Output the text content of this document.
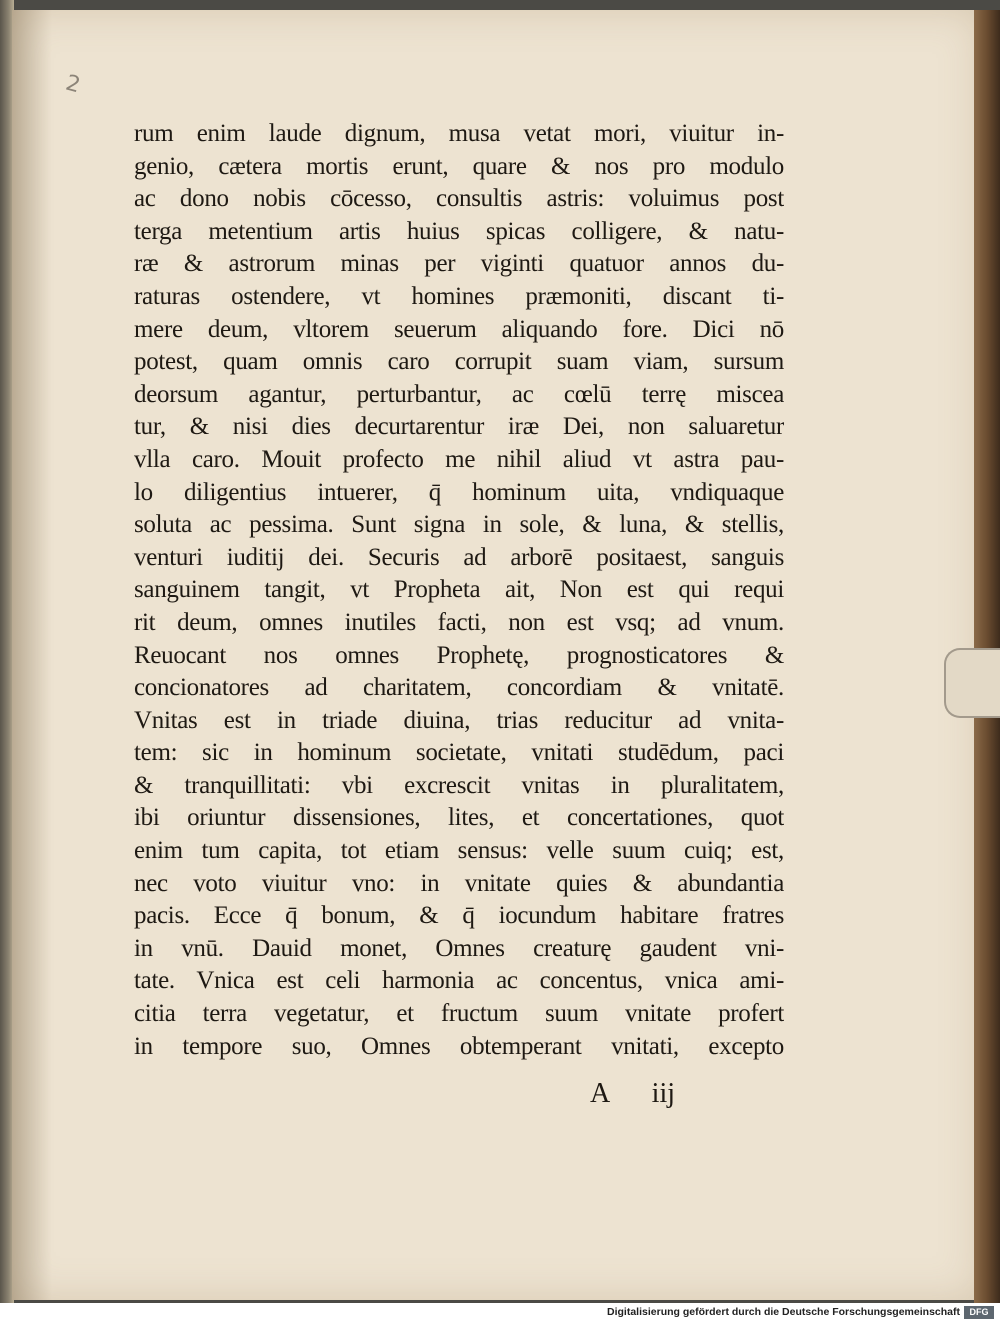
2
rum enim laude dignum, musa vetat mori, viuitur in-
genio, cætera mortis erunt, quare & nos pro modulo
ac dono nobis cōcesso, consultis astris: voluimus post
terga metentium artis huius spicas colligere, & natu-
ræ & astrorum minas per viginti quatuor annos du-
raturas ostendere, vt homines præmoniti, discant ti-
mere deum, vltorem seuerum aliquando fore. Dici nō
potest, quam omnis caro corrupit suam viam, sursum
deorsum agantur, perturbantur, ac cœlū terrę miscea
tur, & nisi dies decurtarentur iræ Dei, non saluaretur
vlla caro. Mouit profecto me nihil aliud vt astra pau-
lo diligentius intuerer, q̄ hominum uita, vndiquaque
soluta ac pessima. Sunt signa in sole, & luna, & stellis,
venturi iuditij dei. Securis ad arborē positaest, sanguis
sanguinem tangit, vt Propheta ait, Non est qui requi
rit deum, omnes inutiles facti, non est vsq; ad vnum.
Reuocant nos omnes Prophetę, prognosticatores &
concionatores ad charitatem, concordiam & vnitatē.
Vnitas est in triade diuina, trias reducitur ad vnita-
tem: sic in hominum societate, vnitati studēdum, paci
& tranquillitati: vbi excrescit vnitas in pluralitatem,
ibi oriuntur dissensiones, lites, et concertationes, quot
enim tum capita, tot etiam sensus: velle suum cuiq; est,
nec voto viuitur vno: in vnitate quies & abundantia
pacis. Ecce q̄ bonum, & q̄ iocundum habitare fratres
in vnū. Dauid monet, Omnes creaturę gaudent vni-
tate. Vnica est celi harmonia ac concentus, vnica ami-
citia terra vegetatur, et fructum suum vnitate profert
in tempore suo, Omnes obtemperant vnitati, excepto
A iij
Digitalisierung gefördert durch die Deutsche Forschungsgemeinschaft	DFG
